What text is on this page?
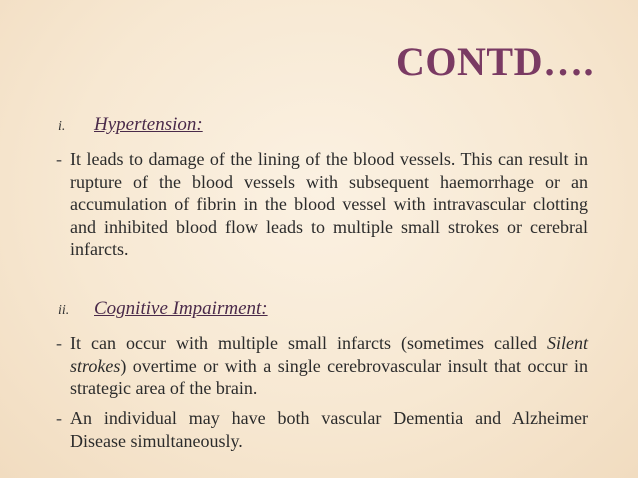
CONTD….
i.	Hypertension:
- It leads to damage of the lining of the blood vessels. This can result in rupture of the blood vessels with subsequent haemorrhage or an accumulation of fibrin in the blood vessel with intravascular clotting and inhibited blood flow leads to multiple small strokes or cerebral infarcts.
ii.	Cognitive Impairment:
- It can occur with multiple small infarcts (sometimes called Silent strokes) overtime or with a single cerebrovascular insult that occur in strategic area of the brain.
- An individual may have both vascular Dementia and Alzheimer Disease simultaneously.
